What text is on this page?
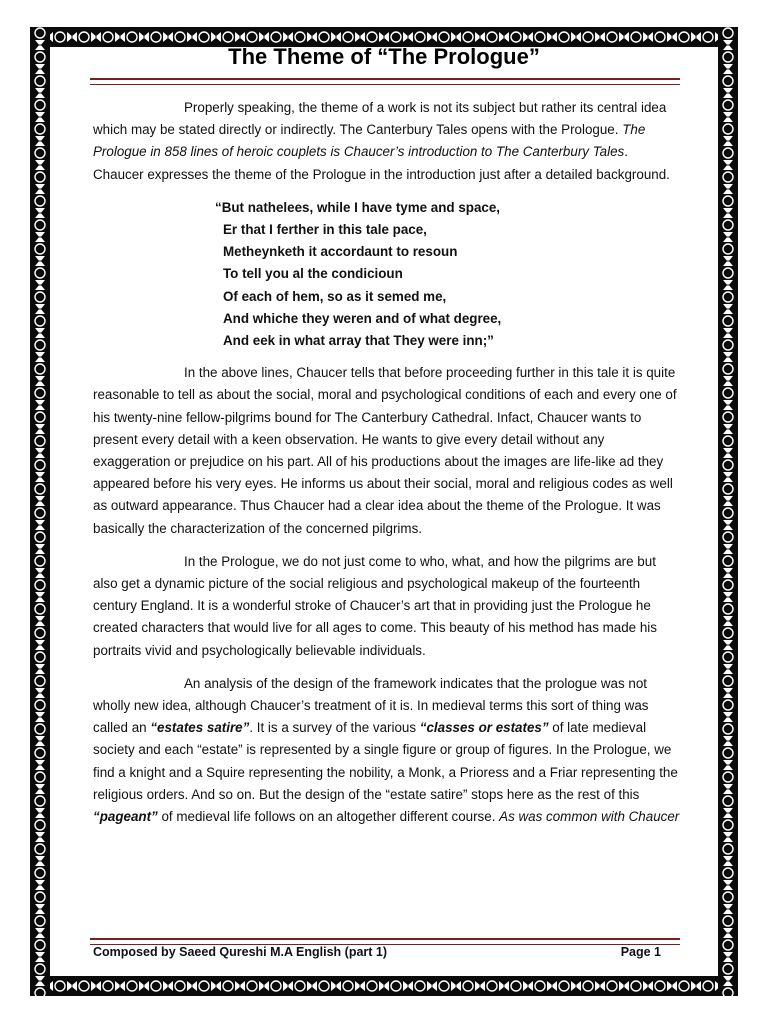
The Theme of “The Prologue”

Properly speaking, the theme of a work is not its subject but rather its central idea which may be stated directly or indirectly. The Canterbury Tales opens with the Prologue. The Prologue in 858 lines of heroic couplets is Chaucer’s introduction to The Canterbury Tales. Chaucer expresses the theme of the Prologue in the introduction just after a detailed background.

“But nathelees, while I have tyme and space,
Er that I ferther in this tale pace,
Metheynketh it accordaunt to resoun
To tell you al the condicioun
Of each of hem, so as it semed me,
And whiche they weren and of what degree,
And eek in what array that They were inn;”

In the above lines, Chaucer tells that before proceeding further in this tale it is quite reasonable to tell as about the social, moral and psychological conditions of each and every one of his twenty-nine fellow-pilgrims bound for The Canterbury Cathedral. Infact, Chaucer wants to present every detail with a keen observation. He wants to give every detail without any exaggeration or prejudice on his part. All of his productions about the images are life-like ad they appeared before his very eyes. He informs us about their social, moral and religious codes as well as outward appearance. Thus Chaucer had a clear idea about the theme of the Prologue. It was basically the characterization of the concerned pilgrims.

In the Prologue, we do not just come to who, what, and how the pilgrims are but also get a dynamic picture of the social religious and psychological makeup of the fourteenth century England. It is a wonderful stroke of Chaucer’s art that in providing just the Prologue he created characters that would live for all ages to come. This beauty of his method has made his portraits vivid and psychologically believable individuals.

An analysis of the design of the framework indicates that the prologue was not wholly new idea, although Chaucer’s treatment of it is. In medieval terms this sort of thing was called an “estates satire”. It is a survey of the various “classes or estates” of late medieval society and each “estate” is represented by a single figure or group of figures. In the Prologue, we find a knight and a Squire representing the nobility, a Monk, a Prioress and a Friar representing the religious orders. And so on. But the design of the “estate satire” stops here as the rest of this “pageant” of medieval life follows on an altogether different course. As was common with Chaucer

Composed by Saeed Qureshi M.A English (part 1)	Page 1
